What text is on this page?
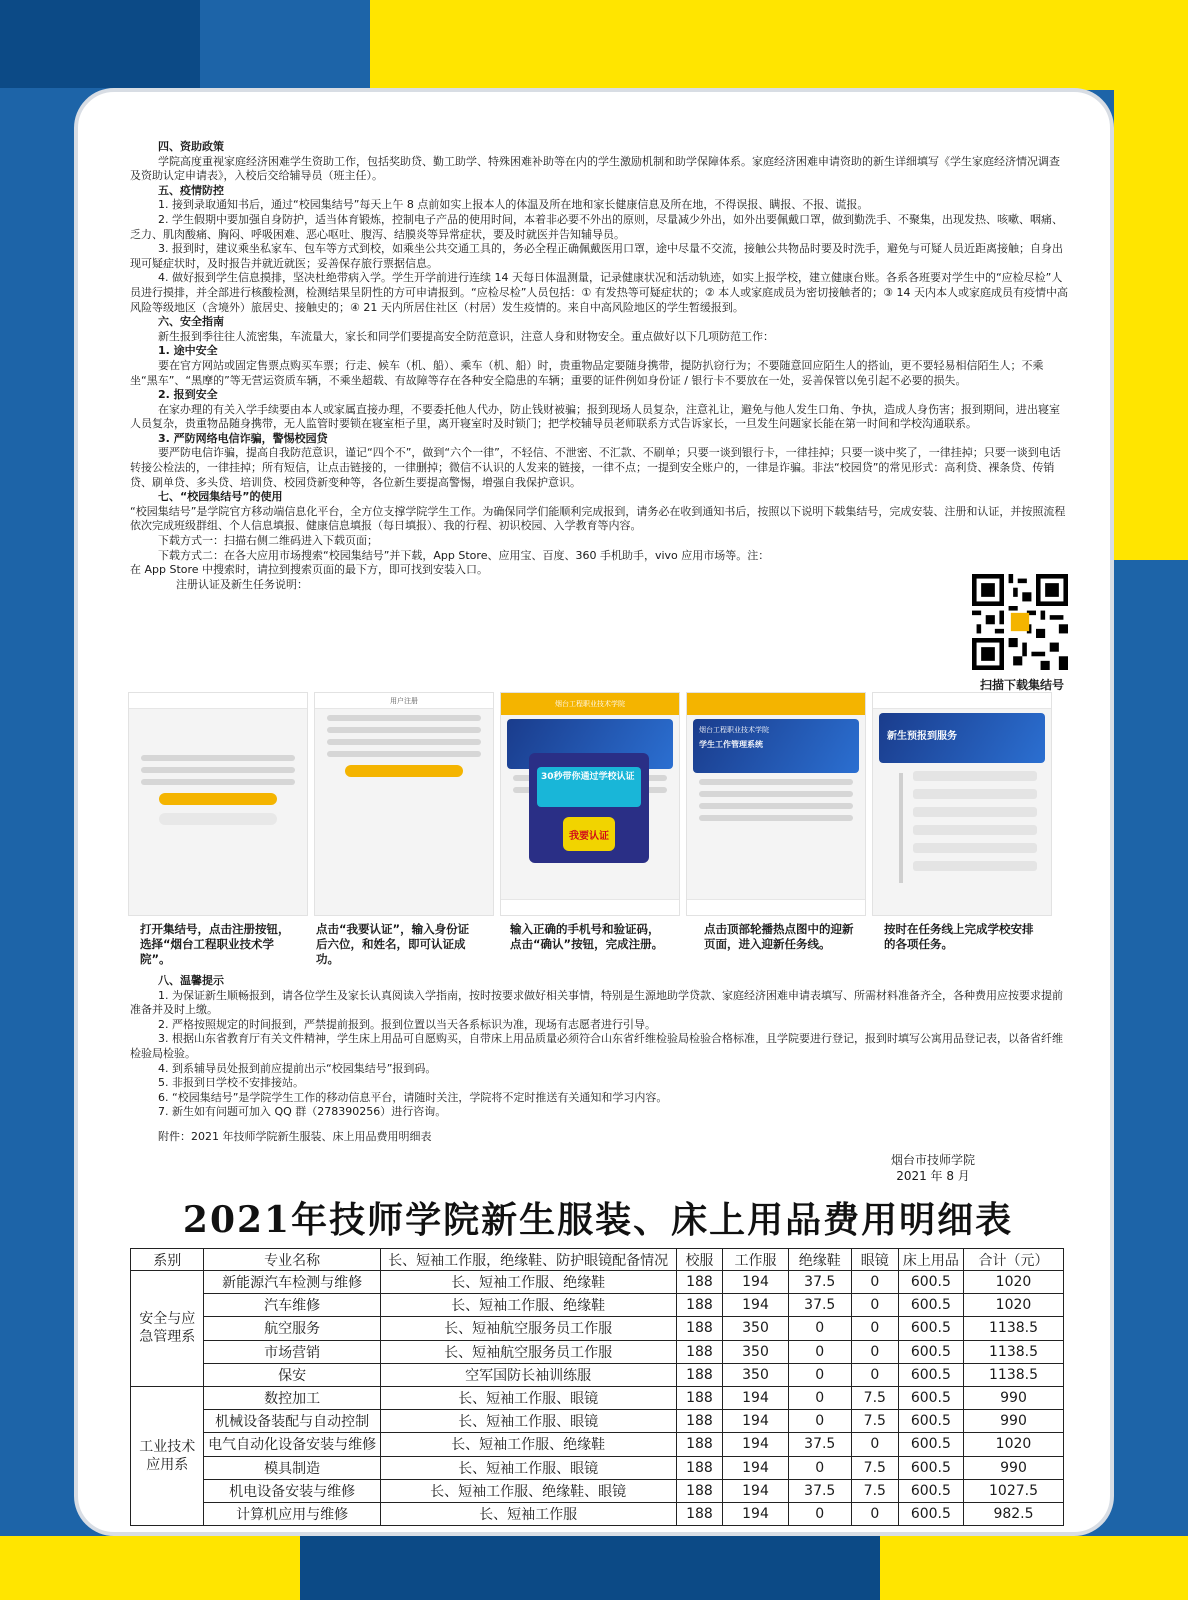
四、资助政策

学院高度重视家庭经济困难学生资助工作，包括奖助贷、勤工助学、特殊困难补助等在内的学生激励机制和助学保障体系。家庭经济困难申请资助的新生详细填写《学生家庭经济情况调查及资助认定申请表》，入校后交给辅导员（班主任）。

五、疫情防控

1. 接到录取通知书后，通过“校园集结号”每天上午 8 点前如实上报本人的体温及所在地和家长健康信息及所在地，不得误报、瞒报、不报、谎报。

2. 学生假期中要加强自身防护，适当体育锻炼，控制电子产品的使用时间，本着非必要不外出的原则，尽量减少外出，如外出要佩戴口罩，做到勤洗手、不聚集，出现发热、咳嗽、咽痛、乏力、肌肉酸痛、胸闷、呼吸困难、恶心呕吐、腹泻、结膜炎等异常症状，要及时就医并告知辅导员。

3. 报到时，建议乘坐私家车、包车等方式到校，如乘坐公共交通工具的，务必全程正确佩戴医用口罩，途中尽量不交流，接触公共物品时要及时洗手，避免与可疑人员近距离接触；自身出现可疑症状时，及时报告并就近就医；妥善保存旅行票据信息。

4. 做好报到学生信息摸排，坚决杜绝带病入学。学生开学前进行连续 14 天每日体温测量，记录健康状况和活动轨迹，如实上报学校，建立健康台账。各系各班要对学生中的“应检尽检”人员进行摸排，并全部进行核酸检测，检测结果呈阴性的方可申请报到。“应检尽检”人员包括：① 有发热等可疑症状的；② 本人或家庭成员为密切接触者的；③ 14 天内本人或家庭成员有疫情中高风险等级地区（含境外）旅居史、接触史的；④ 21 天内所居住社区（村居）发生疫情的。来自中高风险地区的学生暂缓报到。

六、安全指南

新生报到季往往人流密集，车流量大，家长和同学们要提高安全防范意识，注意人身和财物安全。重点做好以下几项防范工作：

1. 途中安全

要在官方网站或固定售票点购买车票；行走、候车（机、船）、乘车（机、船）时，贵重物品定要随身携带，提防扒窃行为；不要随意回应陌生人的搭讪，更不要轻易相信陌生人；不乘坐“黑车”、“黑摩的”等无营运资质车辆，不乘坐超载、有故障等存在各种安全隐患的车辆；重要的证件例如身份证 / 银行卡不要放在一处，妥善保管以免引起不必要的损失。

2. 报到安全

在家办理的有关入学手续要由本人或家属直接办理，不要委托他人代办，防止钱财被骗；报到现场人员复杂，注意礼让，避免与他人发生口角、争执，造成人身伤害；报到期间，进出寝室人员复杂，贵重物品随身携带，无人监管时要锁在寝室柜子里，离开寝室时及时锁门；把学校辅导员老师联系方式告诉家长，一旦发生问题家长能在第一时间和学校沟通联系。

3. 严防网络电信诈骗，警惕校园贷

要严防电信诈骗，提高自我防范意识，谨记“四个不”，做到“六个一律”，不轻信、不泄密、不汇款、不刷单；只要一谈到银行卡，一律挂掉；只要一谈中奖了，一律挂掉；只要一谈到电话转接公检法的，一律挂掉；所有短信，让点击链接的，一律删掉；微信不认识的人发来的链接，一律不点；一提到安全账户的，一律是诈骗。非法“校园贷”的常见形式：高利贷、裸条贷、传销贷、刷单贷、多头贷、培训贷、校园贷新变种等，各位新生要提高警惕，增强自我保护意识。

七、“校园集结号”的使用

“校园集结号”是学院官方移动端信息化平台，全方位支撑学院学生工作。为确保同学们能顺利完成报到，请务必在收到通知书后，按照以下说明下载集结号，完成安装、注册和认证，并按照流程依次完成班级群组、个人信息填报、健康信息填报（每日填报）、我的行程、初识校园、入学教育等内容。

下载方式一：扫描右侧二维码进入下载页面；

下载方式二：在各大应用市场搜索“校园集结号”并下载，App Store、应用宝、百度、360 手机助手，vivo 应用市场等。注：

在 App Store 中搜索时，请拉到搜索页面的最下方，即可找到安装入口。

注册认证及新生任务说明：

扫描下载集结号

用户注册	烟台工程职业技术学院
30秒带你通过学校认证
我要认证

烟台工程职业技术学院

学生工作管理系统

新生预报到服务

打开集结号，点击注册按钮，选择“烟台工程职业技术学院”。

点击“我要认证”，输入身份证后六位，和姓名，即可认证成功。

输入正确的手机号和验证码，点击“确认”按钮，完成注册。

点击顶部轮播热点图中的迎新页面，进入迎新任务线。

按时在任务线上完成学校安排的各项任务。

八、温馨提示

1. 为保证新生顺畅报到，请各位学生及家长认真阅读入学指南，按时按要求做好相关事情，特别是生源地助学贷款、家庭经济困难申请表填写、所需材料准备齐全，各种费用应按要求提前准备并及时上缴。

2. 严格按照规定的时间报到，严禁提前报到。报到位置以当天各系标识为准，现场有志愿者进行引导。

3. 根据山东省教育厅有关文件精神，学生床上用品可自愿购买，自带床上用品质量必须符合山东省纤维检验局检验合格标准，且学院要进行登记，报到时填写公寓用品登记表，以备省纤维检验局检验。

4. 到系辅导员处报到前应提前出示“校园集结号”报到码。

5. 非报到日学校不安排接站。

6. “校园集结号”是学院学生工作的移动信息平台，请随时关注，学院将不定时推送有关通知和学习内容。

7. 新生如有问题可加入 QQ 群（278390256）进行咨询。

附件：2021 年技师学院新生服装、床上用品费用明细表

烟台市技师学院

2021 年 8 月

2021年技师学院新生服装、床上用品费用明细表
系别	专业名称	长、短袖工作服，绝缘鞋、防护眼镜配备情况	校服	工作服	绝缘鞋	眼镜	床上用品	合计（元）
安全与应急管理系	新能源汽车检测与维修	长、短袖工作服、绝缘鞋	188	194	37.5	0	600.5	1020
	汽车维修	长、短袖工作服、绝缘鞋	188	194	37.5	0	600.5	1020
	航空服务	长、短袖航空服务员工作服	188	350	0	0	600.5	1138.5
	市场营销	长、短袖航空服务员工作服	188	350	0	0	600.5	1138.5
	保安	空军国防长袖训练服	188	350	0	0	600.5	1138.5
工业技术应用系	数控加工	长、短袖工作服、眼镜	188	194	0	7.5	600.5	990
	机械设备装配与自动控制	长、短袖工作服、眼镜	188	194	0	7.5	600.5	990
	电气自动化设备安装与维修	长、短袖工作服、绝缘鞋	188	194	37.5	0	600.5	1020
	模具制造	长、短袖工作服、眼镜	188	194	0	7.5	600.5	990
	机电设备安装与维修	长、短袖工作服、绝缘鞋、眼镜	188	194	37.5	7.5	600.5	1027.5
	计算机应用与维修	长、短袖工作服	188	194	0	0	600.5	982.5
